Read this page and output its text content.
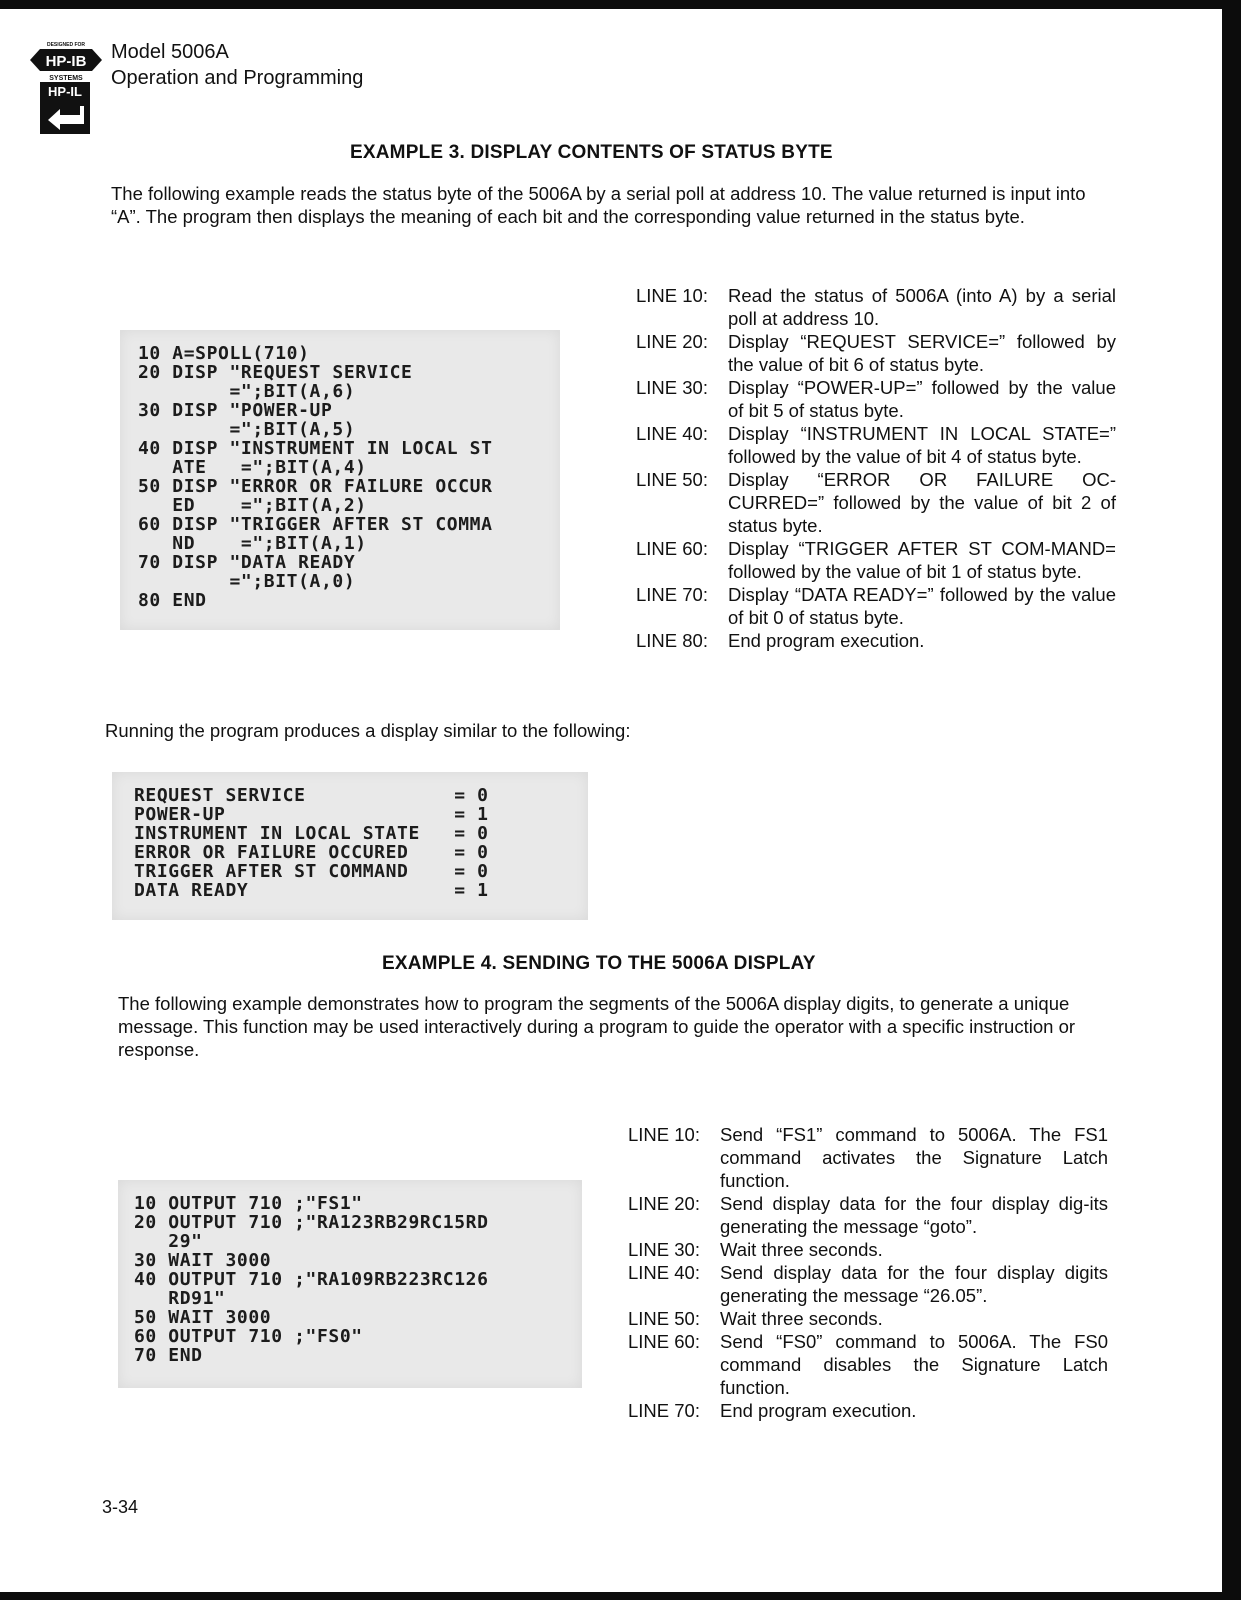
DESIGNED FOR
HP-IB
SYSTEMS
HP-IL
Model 5006A
Operation and Programming
EXAMPLE 3. DISPLAY CONTENTS OF STATUS BYTE

The following example reads the status byte of the 5006A by a serial poll at address 10. The value returned is input into “A”. The program then displays the meaning of each bit and the corresponding value returned in the status byte.

10 A=SPOLL(710)
20 DISP "REQUEST SERVICE
=";BIT(A,6)
30 DISP "POWER-UP
=";BIT(A,5)
40 DISP "INSTRUMENT IN LOCAL ST
ATE   =";BIT(A,4)
50 DISP "ERROR OR FAILURE OCCUR
ED    =";BIT(A,2)
60 DISP "TRIGGER AFTER ST COMMA
ND    =";BIT(A,1)
70 DISP "DATA READY
=";BIT(A,0)
80 END
LINE 10:	Read the status of 5006A (into A) by a serial poll at address 10.
LINE 20:	Display “REQUEST SERVICE=” followed by the value of bit 6 of status byte.
LINE 30:	Display “POWER-UP=” followed by the value of bit 5 of status byte.
LINE 40:	Display “INSTRUMENT IN LOCAL STATE=” followed by the value of bit 4 of status byte.
LINE 50:	Display “ERROR OR FAILURE OC-CURRED=” followed by the value of bit 2 of status byte.
LINE 60:	Display “TRIGGER AFTER ST COM-MAND= followed by the value of bit 1 of status byte.
LINE 70:	Display “DATA READY=” followed by the value of bit 0 of status byte.
LINE 80:	End program execution.

Running the program produces a display similar to the following:

REQUEST SERVICE             = 0
POWER-UP                    = 1
INSTRUMENT IN LOCAL STATE   = 0
ERROR OR FAILURE OCCURED    = 0
TRIGGER AFTER ST COMMAND    = 0
DATA READY                  = 1
EXAMPLE 4. SENDING TO THE 5006A DISPLAY

The following example demonstrates how to program the segments of the 5006A display digits, to generate a unique message. This function may be used interactively during a program to guide the operator with a specific instruction or response.

10 OUTPUT 710 ;"FS1"
20 OUTPUT 710 ;"RA123RB29RC15RD
29"
30 WAIT 3000
40 OUTPUT 710 ;"RA109RB223RC126
RD91"
50 WAIT 3000
60 OUTPUT 710 ;"FS0"
70 END
LINE 10:	Send “FS1” command to 5006A. The FS1 command activates the Signature Latch function.
LINE 20:	Send display data for the four display dig-its generating the message “goto”.
LINE 30:	Wait three seconds.
LINE 40:	Send display data for the four display digits generating the message “26.05”.
LINE 50:	Wait three seconds.
LINE 60:	Send “FS0” command to 5006A. The FS0 command disables the Signature Latch function.
LINE 70:	End program execution.
3-34
